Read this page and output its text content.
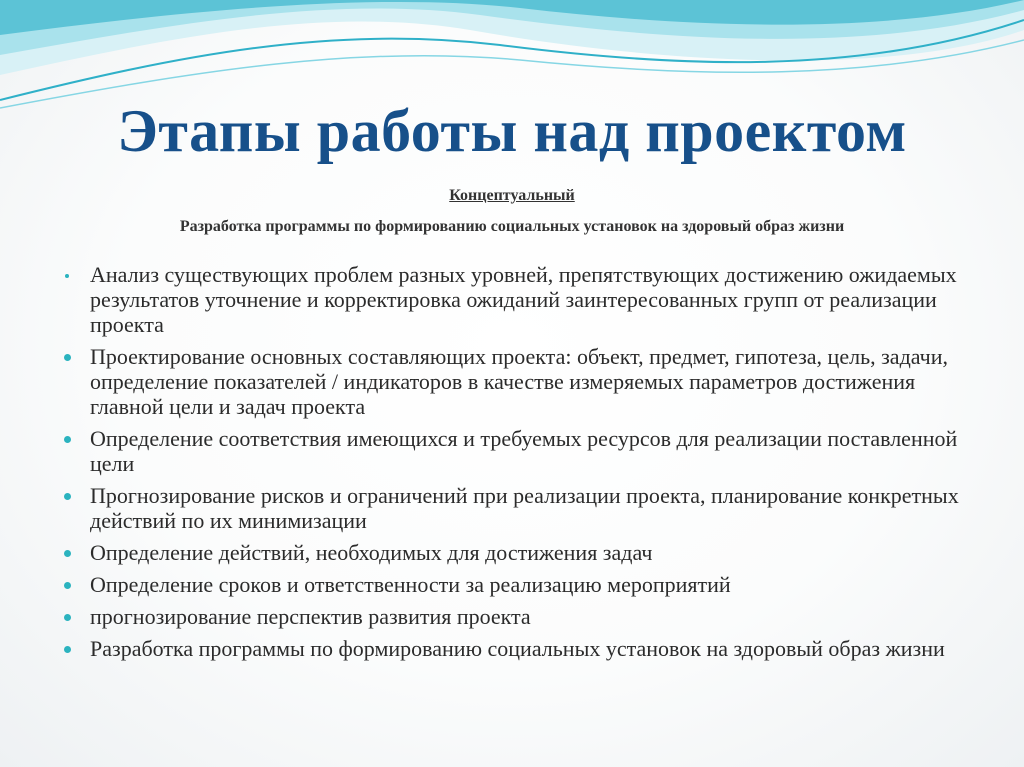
Этапы работы над проектом
Концептуальный
Разработка программы по формированию социальных установок на здоровый образ жизни
Анализ существующих проблем разных уровней, препятствующих достижению ожидаемых результатов уточнение и корректировка ожиданий заинтересованных групп от реализации проекта
Проектирование основных составляющих проекта: объект, предмет, гипотеза, цель, задачи, определение показателей / индикаторов в качестве измеряемых параметров достижения главной цели и задач проекта
Определение соответствия имеющихся и требуемых ресурсов для реализации поставленной цели
Прогнозирование рисков и ограничений при реализации проекта, планирование конкретных действий по их минимизации
Определение действий, необходимых для достижения задач
Определение сроков и ответственности за реализацию мероприятий
прогнозирование перспектив развития проекта
Разработка программы по формированию социальных установок на здоровый образ жизни
